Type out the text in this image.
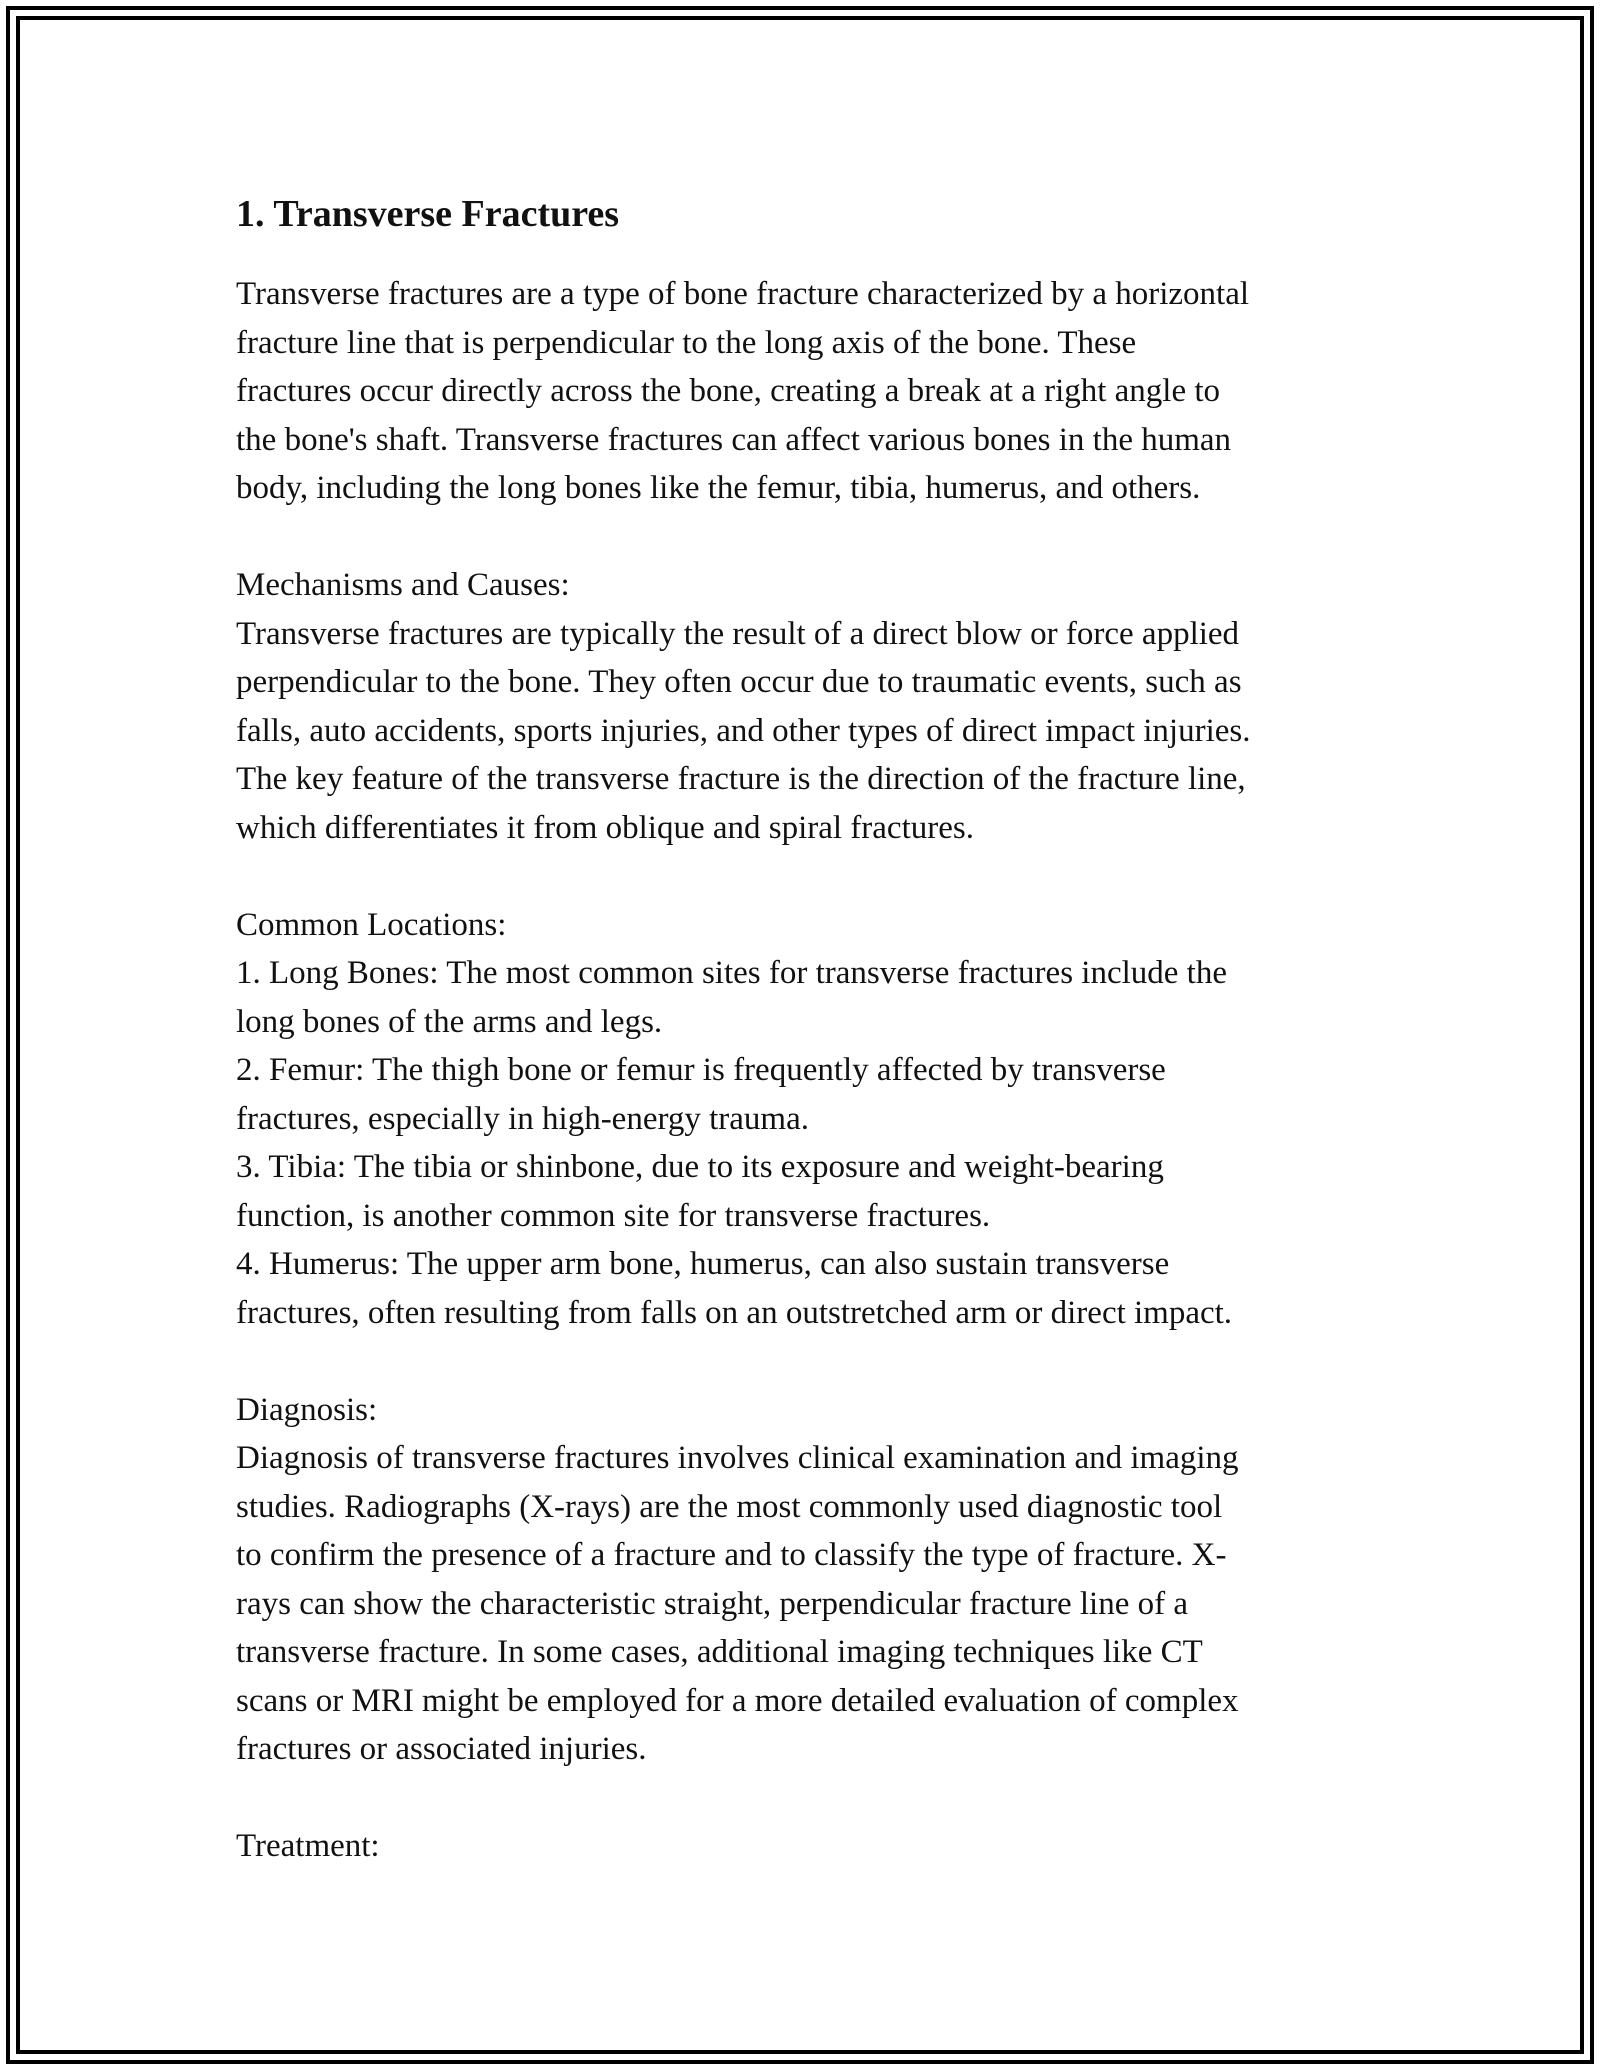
1. Transverse Fractures

Transverse fractures are a type of bone fracture characterized by a horizontal
fracture line that is perpendicular to the long axis of the bone. These
fractures occur directly across the bone, creating a break at a right angle to
the bone's shaft. Transverse fractures can affect various bones in the human
body, including the long bones like the femur, tibia, humerus, and others.

Mechanisms and Causes:

Transverse fractures are typically the result of a direct blow or force applied
perpendicular to the bone. They often occur due to traumatic events, such as
falls, auto accidents, sports injuries, and other types of direct impact injuries.
The key feature of the transverse fracture is the direction of the fracture line,
which differentiates it from oblique and spiral fractures.

Common Locations:

1. Long Bones: The most common sites for transverse fractures include the
long bones of the arms and legs.

2. Femur: The thigh bone or femur is frequently affected by transverse
fractures, especially in high-energy trauma.

3. Tibia: The tibia or shinbone, due to its exposure and weight-bearing
function, is another common site for transverse fractures.

4. Humerus: The upper arm bone, humerus, can also sustain transverse
fractures, often resulting from falls on an outstretched arm or direct impact.

Diagnosis:

Diagnosis of transverse fractures involves clinical examination and imaging
studies. Radiographs (X-rays) are the most commonly used diagnostic tool
to confirm the presence of a fracture and to classify the type of fracture. X-
rays can show the characteristic straight, perpendicular fracture line of a
transverse fracture. In some cases, additional imaging techniques like CT
scans or MRI might be employed for a more detailed evaluation of complex
fractures or associated injuries.

Treatment:
